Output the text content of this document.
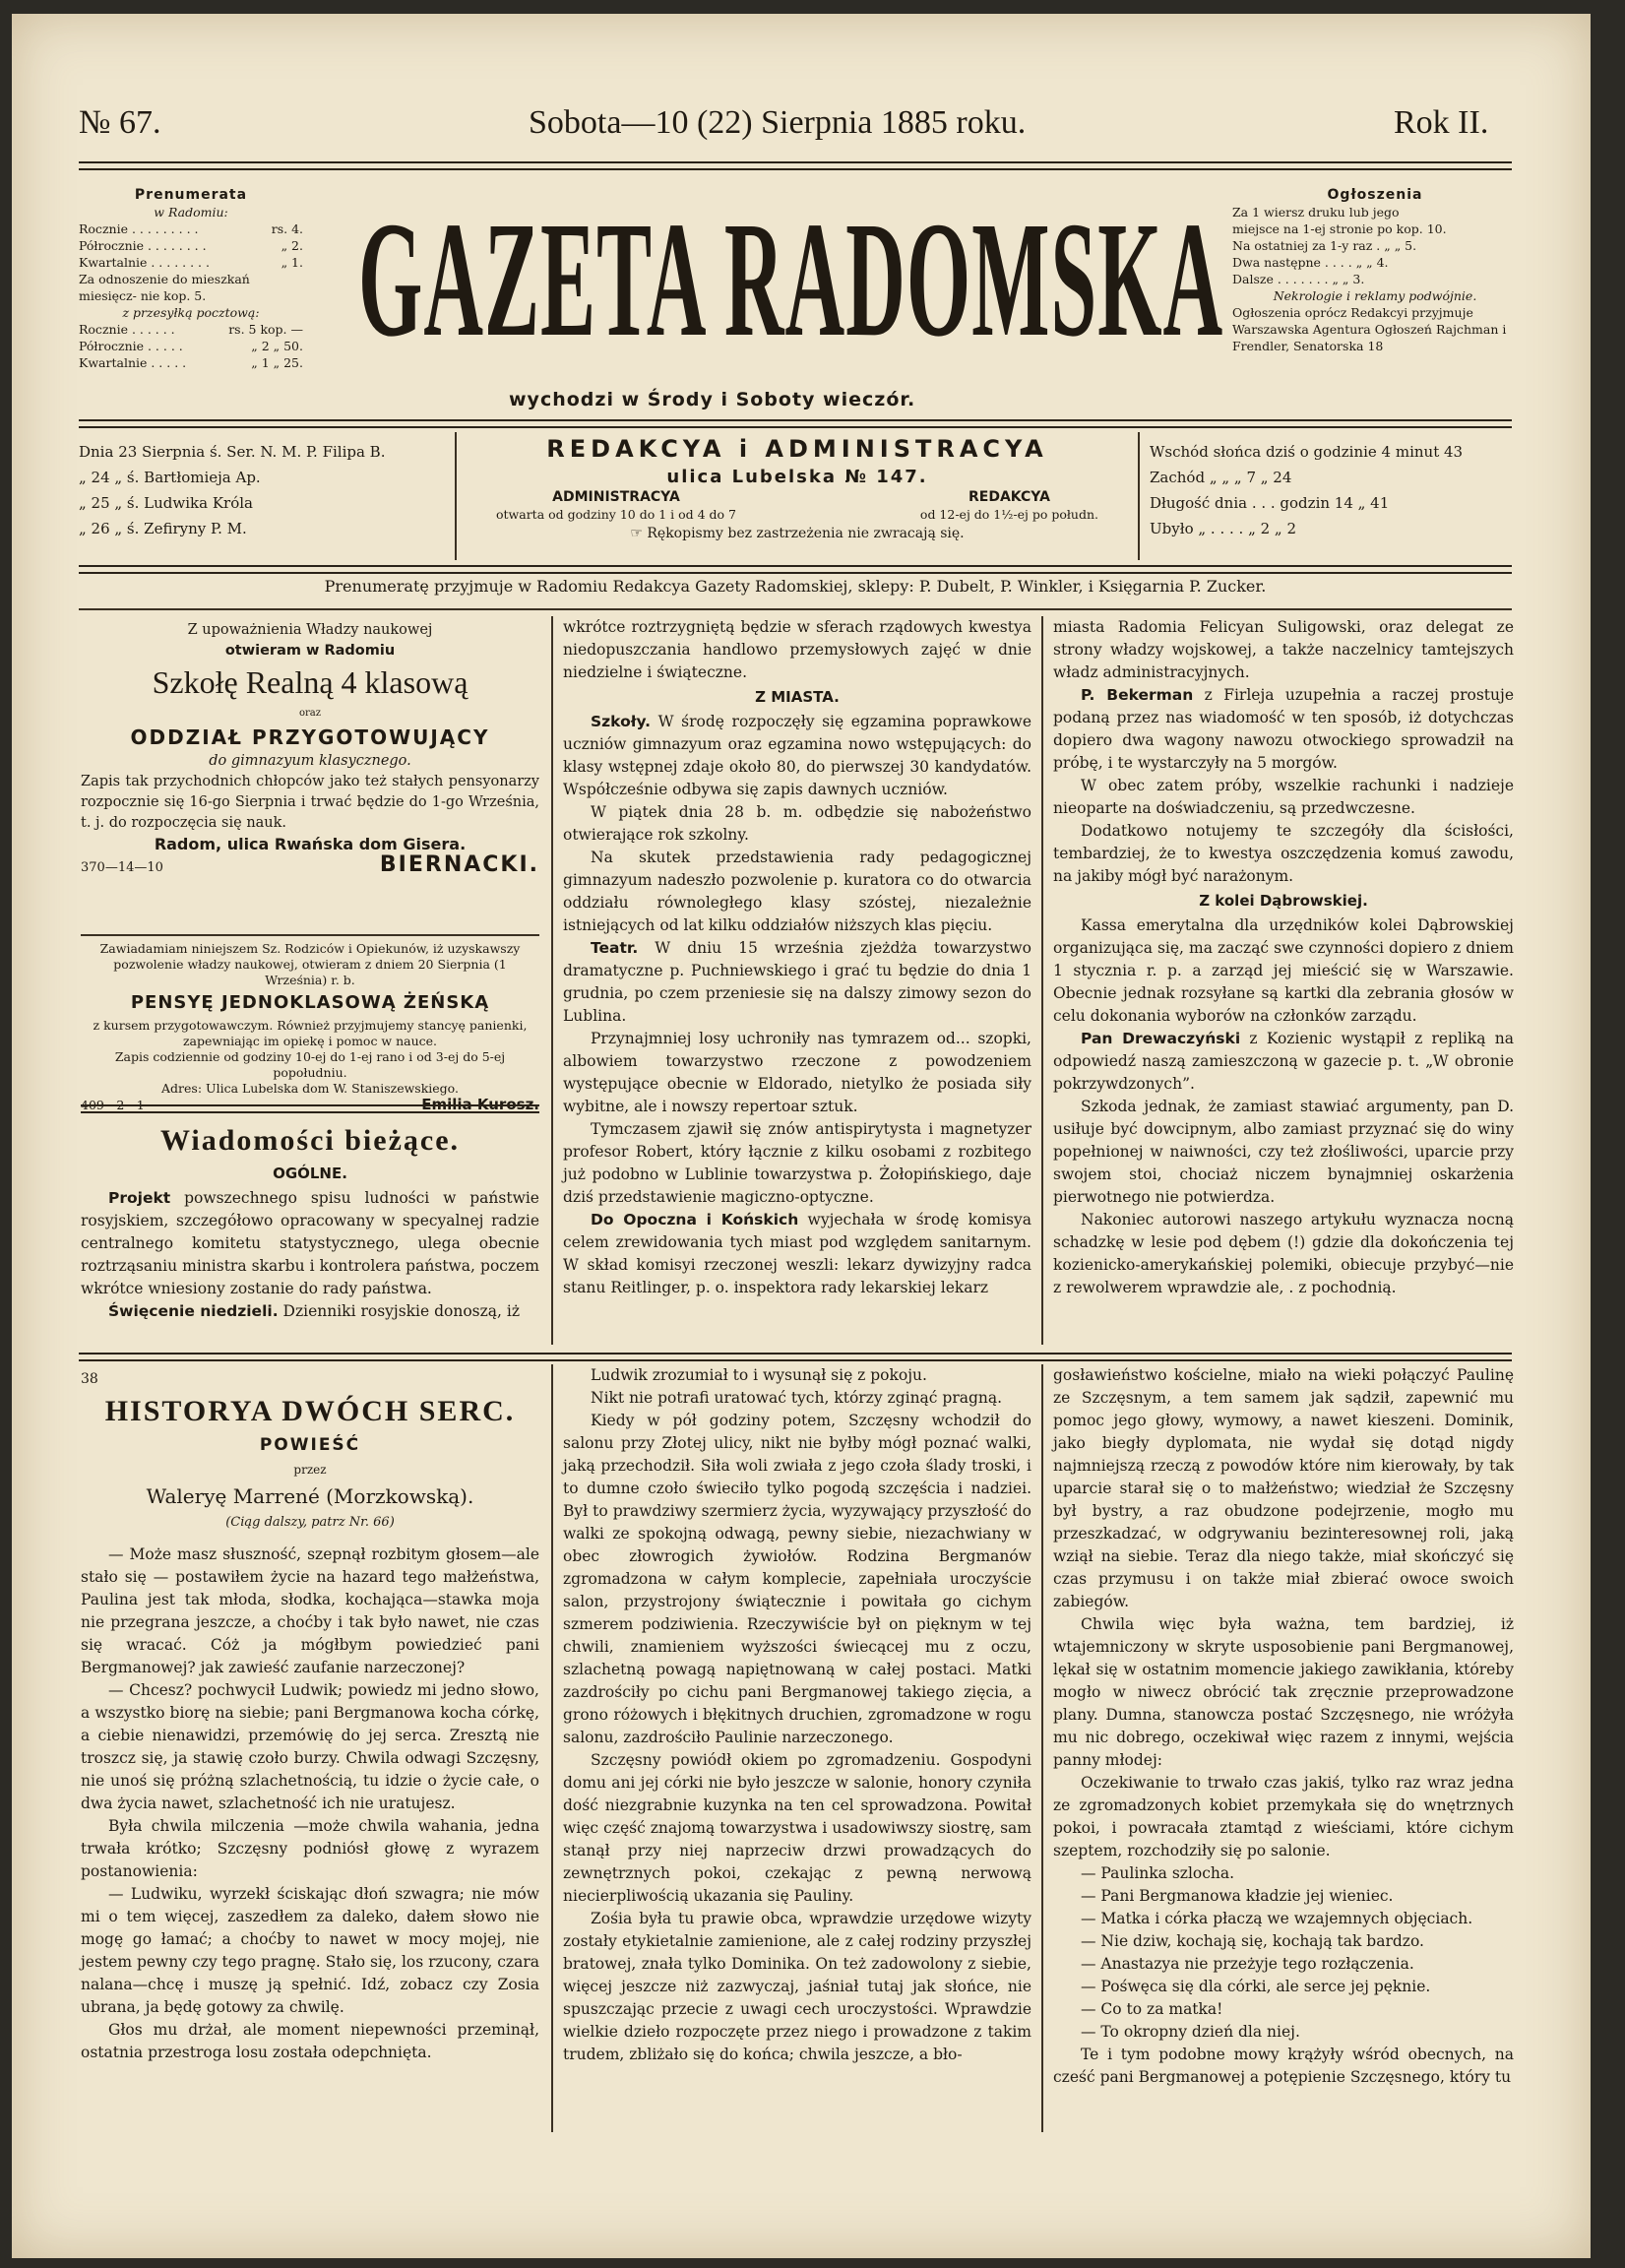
№ 67.	Sobota—10 (22) Sierpnia 1885 roku.	Rok II.
Prenumerata
w Radomiu:
Rocznie . . . . . . . . .	rs. 4.
Półrocznie . . . . . . . .	„ 2.
Kwartalnie . . . . . . . .	„ 1.
Za odnoszenie do mieszkań miesięcz- nie kop. 5.
z przesyłką pocztową:
Rocznie . . . . . .	rs. 5 kop. —
Półrocznie . . . . .	„ 2 „ 50.
Kwartalnie . . . . .	„ 1 „ 25. GAZETA RADOMSKA
wychodzi w Środy i Soboty wieczór.
Ogłoszenia
Za 1 wiersz druku lub jego
miejsce na 1-ej stronie po kop. 10.
Na ostatniej za 1-y raz . „ „ 5.
Dwa następne . . . . „ „ 4.
Dalsze . . . . . . . „ „ 3.
Nekrologie i reklamy podwójnie.
Ogłoszenia oprócz Redakcyi przyjmuje Warszawska Agentura Ogłoszeń Rajchman i Frendler, Senatorska 18
Dnia 23 Sierpnia ś. Ser. N. M. P. Filipa B.
„ 24 „ ś. Bartłomieja Ap.
„ 25 „ ś. Ludwika Króla
„ 26 „ ś. Zefiryny P. M.
REDAKCYA i ADMINISTRACYA
ulica Lubelska № 147.
ADMINISTRACYA
otwarta od godziny 10 do 1 i od 4 do 7
REDAKCYA
od 12-ej do 1½-ej po połudn.
☞ Rękopismy bez zastrzeżenia nie zwracają się.
Wschód słońca dziś o godzinie 4 minut 43
Zachód „ „ „ 7 „ 24
Długość dnia . . . godzin 14 „ 41
Ubyło „ . . . . „ 2 „ 2
Prenumeratę przyjmuje w Radomiu Redakcya Gazety Radomskiej, sklepy: P. Dubelt, P. Winkler, i Księgarnia P. Zucker.
Z upoważnienia Władzy naukowej
otwieram w Radomiu
Szkołę Realną 4 klasową
oraz
ODDZIAŁ PRZYGOTOWUJĄCY
do gimnazyum klasycznego.
Zapis tak przychodnich chłopców jako też stałych pensyonarzy rozpocznie się 16-go Sierpnia i trwać będzie do 1-go Września, t. j. do rozpoczęcia się nauk.
Radom, ulica Rwańska dom Gisera.
370—14—10	BIERNACKI.
Zawiadamiam niniejszem Sz. Rodziców i Opiekunów, iż uzyskawszy pozwolenie władzy naukowej, otwieram z dniem 20 Sierpnia (1 Września) r. b.
PENSYĘ JEDNOKLASOWĄ ŻEŃSKĄ
z kursem przygotowawczym. Również przyjmujemy stancyę panienki, zapewniając im opiekę i pomoc w nauce.
Zapis codziennie od godziny 10-ej do 1-ej rano i od 3-ej do 5-ej popołudniu.
Adres: Ulica Lubelska dom W. Staniszewskiego.
409—2—1	Emilia Kurosz.
Wiadomości bieżące.
OGÓLNE.

Projekt powszechnego spisu ludności w państwie rosyjskiem, szczegółowo opracowany w specyalnej radzie centralnego komitetu statystycznego, ulega obecnie roztrząsaniu ministra skarbu i kontrolera państwa, poczem wkrótce wniesiony zostanie do rady państwa.

Święcenie niedzieli. Dzienniki rosyjskie donoszą, iż

wkrótce roztrzygniętą będzie w sferach rządowych kwestya niedopuszczania handlowo przemysłowych zajęć w dnie niedzielne i świąteczne.

Z MIASTA.

Szkoły. W środę rozpoczęły się egzamina poprawkowe uczniów gimnazyum oraz egzamina nowo wstępujących: do klasy wstępnej zdaje około 80, do pierwszej 30 kandydatów. Współcześnie odbywa się zapis dawnych uczniów.

W piątek dnia 28 b. m. odbędzie się nabożeństwo otwierające rok szkolny.

Na skutek przedstawienia rady pedagogicznej gimnazyum nadeszło pozwolenie p. kuratora co do otwarcia oddziału równoległego klasy szóstej, niezależnie istniejących od lat kilku oddziałów niższych klas pięciu.

Teatr. W dniu 15 września zjeżdża towarzystwo dramatyczne p. Puchniewskiego i grać tu będzie do dnia 1 grudnia, po czem przeniesie się na dalszy zimowy sezon do Lublina.

Przynajmniej losy uchroniły nas tymrazem od... szopki, albowiem towarzystwo rzeczone z powodzeniem występujące obecnie w Eldorado, nietylko że posiada siły wybitne, ale i nowszy repertoar sztuk.

Tymczasem zjawił się znów antispirytysta i magnetyzer profesor Robert, który łącznie z kilku osobami z rozbitego już podobno w Lublinie towarzystwa p. Żołopińskiego, daje dziś przedstawienie magiczno-optyczne.

Do Opoczna i Końskich wyjechała w środę komisya celem zrewidowania tych miast pod względem sanitarnym. W skład komisyi rzeczonej weszli: lekarz dywizyjny radca stanu Reitlinger, p. o. inspektora rady lekarskiej lekarz

miasta Radomia Felicyan Suligowski, oraz delegat ze strony władzy wojskowej, a także naczelnicy tamtejszych władz administracyjnych.

P. Bekerman z Firleja uzupełnia a raczej prostuje podaną przez nas wiadomość w ten sposób, iż dotychczas dopiero dwa wagony nawozu otwockiego sprowadził na próbę, i te wystarczyły na 5 morgów.

W obec zatem próby, wszelkie rachunki i nadzieje nieoparte na doświadczeniu, są przedwczesne.

Dodatkowo notujemy te szczegóły dla ścisłości, tembardziej, że to kwestya oszczędzenia komuś zawodu, na jakiby mógł być narażonym.

Z kolei Dąbrowskiej.

Kassa emerytalna dla urzędników kolei Dąbrowskiej organizująca się, ma zacząć swe czynności dopiero z dniem 1 stycznia r. p. a zarząd jej mieścić się w Warszawie. Obecnie jednak rozsyłane są kartki dla zebrania głosów w celu dokonania wyborów na członków zarządu.

Pan Drewaczyński z Kozienic wystąpił z repliką na odpowiedź naszą zamieszczoną w gazecie p. t. „W obronie pokrzywdzonych”.

Szkoda jednak, że zamiast stawiać argumenty, pan D. usiłuje być dowcipnym, albo zamiast przyznać się do winy popełnionej w naiwności, czy też złośliwości, uparcie przy swojem stoi, chociaż niczem bynajmniej oskarżenia pierwotnego nie potwierdza.

Nakoniec autorowi naszego artykułu wyznacza nocną schadzkę w lesie pod dębem (!) gdzie dla dokończenia tej kozienicko-amerykańskiej polemiki, obiecuje przybyć—nie z rewolwerem wprawdzie ale, . z pochodnią.

38
HISTORYA DWÓCH SERC.
POWIEŚĆ
przez
Waleryę Marrené (Morzkowską).
(Ciąg dalszy, patrz Nr. 66)

— Może masz słuszność, szepnął rozbitym głosem—ale stało się — postawiłem życie na hazard tego małżeństwa, Paulina jest tak młoda, słodka, kochająca—stawka moja nie przegrana jeszcze, a choćby i tak było nawet, nie czas się wracać. Cóż ja mógłbym powiedzieć pani Bergmanowej? jak zawieść zaufanie narzeczonej?

— Chcesz? pochwycił Ludwik; powiedz mi jedno słowo, a wszystko biorę na siebie; pani Bergmanowa kocha córkę, a ciebie nienawidzi, przemówię do jej serca. Zresztą nie troszcz się, ja stawię czoło burzy. Chwila odwagi Szczęsny, nie unoś się próżną szlachetnością, tu idzie o życie całe, o dwa życia nawet, szlachetność ich nie uratujesz.

Była chwila milczenia —może chwila wahania, jedna trwała krótko; Szczęsny podniósł głowę z wyrazem postanowienia:

— Ludwiku, wyrzekł ściskając dłoń szwagra; nie mów mi o tem więcej, zaszedłem za daleko, dałem słowo nie mogę go łamać; a choćby to nawet w mocy mojej, nie jestem pewny czy tego pragnę. Stało się, los rzucony, czara nalana—chcę i muszę ją spełnić. Idź, zobacz czy Zosia ubrana, ja będę gotowy za chwilę.

Głos mu drżał, ale moment niepewności przeminął, ostatnia przestroga losu została odepchnięta.

Ludwik zrozumiał to i wysunął się z pokoju.

Nikt nie potrafi uratować tych, którzy zginąć pragną.

Kiedy w pół godziny potem, Szczęsny wchodził do salonu przy Złotej ulicy, nikt nie byłby mógł poznać walki, jaką przechodził. Siła woli zwiała z jego czoła ślady troski, i to dumne czoło świeciło tylko pogodą szczęścia i nadziei. Był to prawdziwy szermierz życia, wyzywający przyszłość do walki ze spokojną odwagą, pewny siebie, niezachwiany w obec złowrogich żywiołów. Rodzina Bergmanów zgromadzona w całym komplecie, zapełniała uroczyście salon, przystrojony świątecznie i powitała go cichym szmerem podziwienia. Rzeczywiście był on pięknym w tej chwili, znamieniem wyższości świecącej mu z oczu, szlachetną powagą napiętnowaną w całej postaci. Matki zazdrościły po cichu pani Bergmanowej takiego zięcia, a grono różowych i błękitnych druchien, zgromadzone w rogu salonu, zazdrościło Paulinie narzeczonego.

Szczęsny powiódł okiem po zgromadzeniu. Gospodyni domu ani jej córki nie było jeszcze w salonie, honory czyniła dość niezgrabnie kuzynka na ten cel sprowadzona. Powitał więc część znajomą towarzystwa i usadowiwszy siostrę, sam stanął przy niej naprzeciw drzwi prowadzących do zewnętrznych pokoi, czekając z pewną nerwową niecierpliwością ukazania się Pauliny.

Zośia była tu prawie obca, wprawdzie urzędowe wizyty zostały etykietalnie zamienione, ale z całej rodziny przyszłej bratowej, znała tylko Dominika. On też zadowolony z siebie, więcej jeszcze niż zazwyczaj, jaśniał tutaj jak słońce, nie spuszczając przecie z uwagi cech uroczystości. Wprawdzie wielkie dzieło rozpoczęte przez niego i prowadzone z takim trudem, zbliżało się do końca; chwila jeszcze, a bło-

gosławieństwo kościelne, miało na wieki połączyć Paulinę ze Szczęsnym, a tem samem jak sądził, zapewnić mu pomoc jego głowy, wymowy, a nawet kieszeni. Dominik, jako biegły dyplomata, nie wydał się dotąd nigdy najmniejszą rzeczą z powodów które nim kierowały, by tak uparcie starał się o to małżeństwo; wiedział że Szczęsny był bystry, a raz obudzone podejrzenie, mogło mu przeszkadzać, w odgrywaniu bezinteresownej roli, jaką wziął na siebie. Teraz dla niego także, miał skończyć się czas przymusu i on także miał zbierać owoce swoich zabiegów.

Chwila więc była ważna, tem bardziej, iż wtajemniczony w skryte usposobienie pani Bergmanowej, lękał się w ostatnim momencie jakiego zawikłania, któreby mogło w niwecz obrócić tak zręcznie przeprowadzone plany. Dumna, stanowcza postać Szczęsnego, nie wróżyła mu nic dobrego, oczekiwał więc razem z innymi, wejścia panny młodej:

Oczekiwanie to trwało czas jakiś, tylko raz wraz jedna ze zgromadzonych kobiet przemykała się do wnętrznych pokoi, i powracała ztamtąd z wieściami, które cichym szeptem, rozchodziły się po salonie.

— Paulinka szlocha.

— Pani Bergmanowa kładzie jej wieniec.

— Matka i córka płaczą we wzajemnych objęciach.

— Nie dziw, kochają się, kochają tak bardzo.

— Anastazya nie przeżyje tego rozłączenia.

— Pośwęca się dla córki, ale serce jej pęknie.

— Co to za matka!

— To okropny dzień dla niej.

Te i tym podobne mowy krążyły wśród obecnych, na cześć pani Bergmanowej a potępienie Szczęsnego, który tu
